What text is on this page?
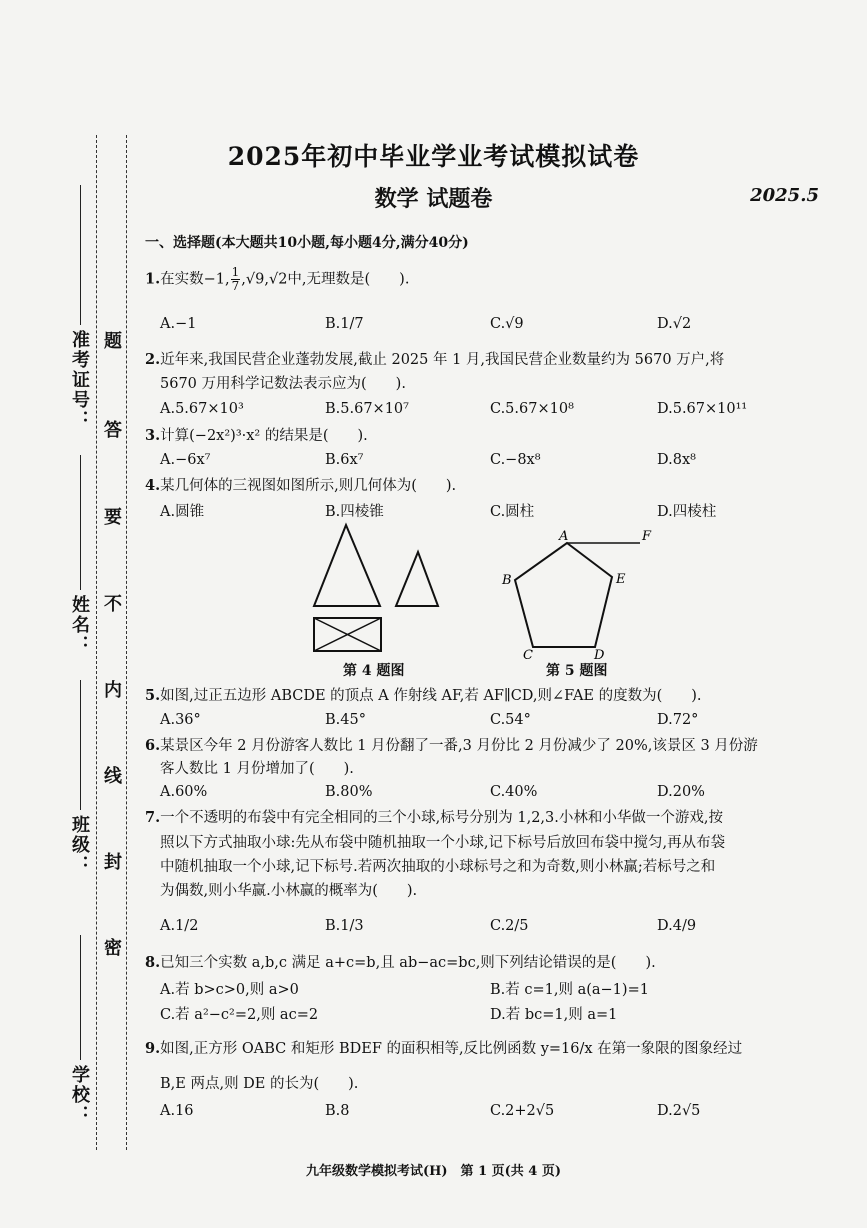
准考证号：
姓名：
班级：
学校：
题
答
要
不
内
线
封
密
2025年初中毕业学业考试模拟试卷
数学 试题卷	2025.5
一、选择题(本大题共10小题,每小题4分,满分40分)
1.在实数−1, $\frac{1}{7} ,√9,√2$中,无理数是(　　).
A.−1	B.1/7	C.√9	D.√2
2.近年来,我国民营企业蓬勃发展,截止 2025 年 1 月,我国民营企业数量约为 5670 万户,将
5670 万用科学记数法表示应为(　　).
A.5.67×10³	B.5.67×10⁷	C.5.67×10⁸	D.5.67×10¹¹
3.计算(−2x²)³·x² 的结果是(　　).
A.−6x⁷	B.6x⁷	C.−8x⁸	D.8x⁸
4.某几何体的三视图如图所示,则几何体为(　　).
A.圆锥	B.四棱锥	C.圆柱	D.四棱柱
第 4 题图
A	F
B	E
C	D
第 5 题图
5.如图,过正五边形 ABCDE 的顶点 A 作射线 AF,若 AF∥CD,则∠FAE 的度数为(　　).
A.36°	B.45°	C.54°	D.72°
6.某景区今年 2 月份游客人数比 1 月份翻了一番,3 月份比 2 月份减少了 20%,该景区 3 月份游
客人数比 1 月份增加了(　　).
A.60%	B.80%	C.40%	D.20%
7.一个不透明的布袋中有完全相同的三个小球,标号分别为 1,2,3.小林和小华做一个游戏,按
照以下方式抽取小球:先从布袋中随机抽取一个小球,记下标号后放回布袋中搅匀,再从布袋
中随机抽取一个小球,记下标号.若两次抽取的小球标号之和为奇数,则小林赢;若标号之和
为偶数,则小华赢.小林赢的概率为(　　).
A.1/2	B.1/3	C.2/5	D.4/9
8.已知三个实数 a,b,c 满足 a+c=b,且 ab−ac=bc,则下列结论错误的是(　　).
A.若 b>c>0,则 a>0	B.若 c=1,则 a(a−1)=1
C.若 a²−c²=2,则 ac=2	D.若 bc=1,则 a=1
9.如图,正方形 OABC 和矩形 BDEF 的面积相等,反比例函数 y=16/x 在第一象限的图象经过
B,E 两点,则 DE 的长为(　　).
A.16	B.8	C.2+2√5	D.2√5
九年级数学模拟考试(H)　第 1 页(共 4 页)
